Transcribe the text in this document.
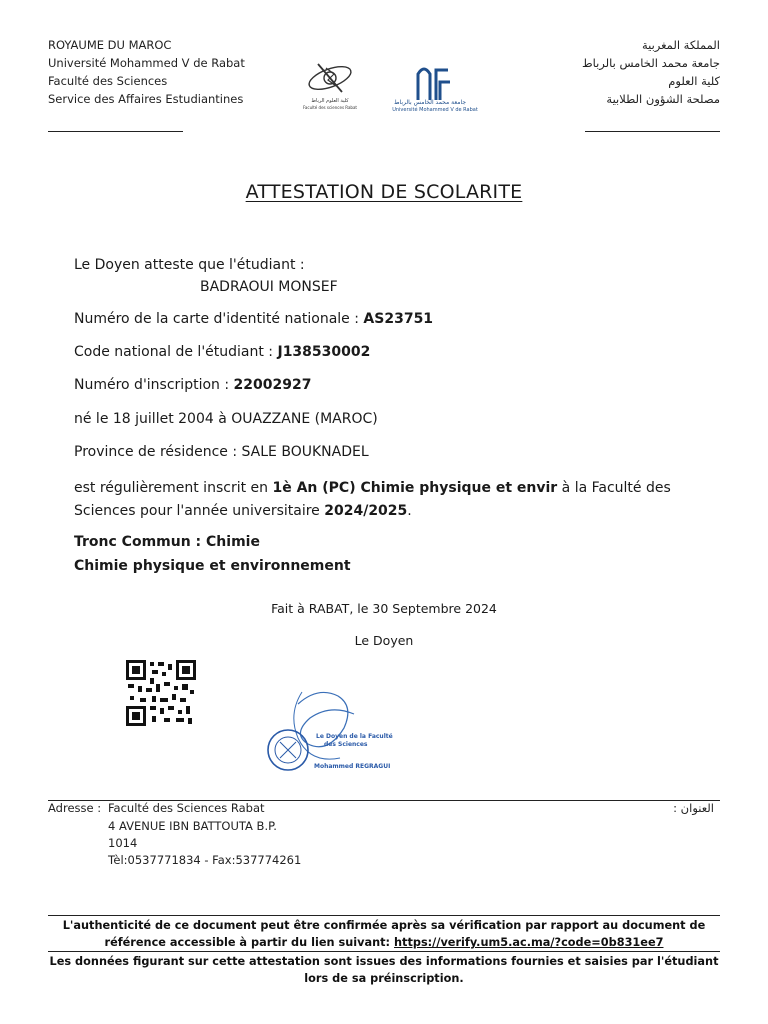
ROYAUME DU MAROC
Université Mohammed V de Rabat
Faculté des Sciences
Service des Affaires Estudiantines	كلية العلوم الرباط
Faculté des sciences Rabat
جامعة محمد الخامس بالرباط
Université Mohammed V de Rabat
المملكة المغربية
جامعة محمد الخامس بالرباط
كلية العلوم
مصلحة الشؤون الطلابية
ATTESTATION DE SCOLARITE
Le Doyen atteste que l'étudiant :
BADRAOUI MONSEF
Numéro de la carte d'identité nationale : AS23751
Code national de l'étudiant : J138530002
Numéro d'inscription : 22002927
né le 18 juillet 2004 à OUAZZANE (MAROC)
Province de résidence : SALE BOUKNADEL
est régulièrement inscrit en 1è An (PC) Chimie physique et envir à la Faculté des Sciences pour l'année universitaire 2024/2025.
Tronc Commun : Chimie
Chimie physique et environnement
Fait à RABAT, le 30 Septembre 2024
Le Doyen
Le Doyen de la Faculté
des Sciences
Mohammed REGRAGUI
Adresse :	العنوان :
Faculté des Sciences Rabat
4 AVENUE IBN BATTOUTA B.P.
1014
Tèl:0537771834 - Fax:537774261
L'authenticité de ce document peut être confirmée après sa vérification par rapport au document de référence accessible à partir du lien suivant: https://verify.um5.ac.ma/?code=0b831ee7
Les données figurant sur cette attestation sont issues des informations fournies et saisies par l'étudiant lors de sa préinscription.
